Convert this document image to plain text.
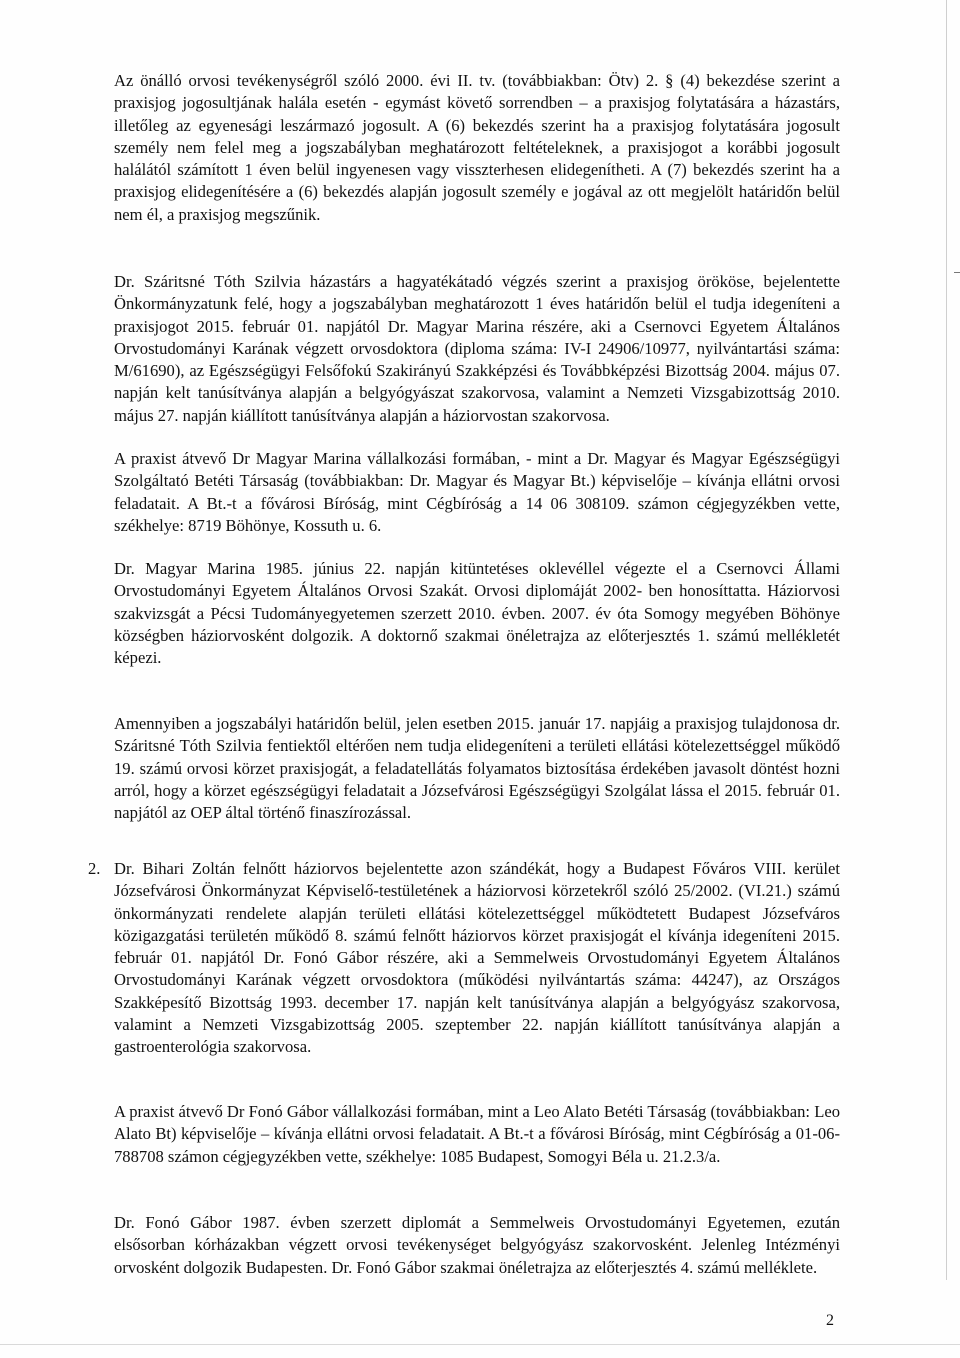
Az önálló orvosi tevékenységről szóló 2000. évi II. tv. (továbbiakban: Ötv) 2. § (4) bekezdése szerint a praxisjog jogosultjának halála esetén - egymást követő sorrendben – a praxisjog folytatására a házastárs, illetőleg az egyenesági leszármazó jogosult. A (6) bekezdés szerint ha a praxisjog folytatására jogosult személy nem felel meg a jogszabályban meghatározott feltételeknek, a praxisjogot a korábbi jogosult halálától számított 1 éven belül ingyenesen vagy visszterhesen elidegenítheti. A (7) bekezdés szerint ha a praxisjog elidegenítésére a (6) bekezdés alapján jogosult személy e jogával az ott megjelölt határidőn belül nem él, a praxisjog megszűnik.

Dr. Száritsné Tóth Szilvia házastárs a hagyatékátadó végzés szerint a praxisjog örököse, bejelentette Önkormányzatunk felé, hogy a jogszabályban meghatározott 1 éves határidőn belül el tudja idegeníteni a praxisjogot 2015. február 01. napjától Dr. Magyar Marina részére, aki a Csernovci Egyetem Általános Orvostudományi Karának végzett orvosdoktora (diploma száma: IV-I 24906/10977, nyilvántartási száma: M/61690), az Egészségügyi Felsőfokú Szakirányú Szakképzési és Továbbképzési Bizottság 2004. május 07. napján kelt tanúsítványa alapján a belgyógyászat szakorvosa, valamint a Nemzeti Vizsgabizottság 2010. május 27. napján kiállított tanúsítványa alapján a háziorvostan szakorvosa.

A praxist átvevő Dr Magyar Marina vállalkozási formában, - mint a Dr. Magyar és Magyar Egészségügyi Szolgáltató Betéti Társaság (továbbiakban: Dr. Magyar és Magyar Bt.) képviselője – kívánja ellátni orvosi feladatait. A Bt.-t a fővárosi Bíróság, mint Cégbíróság a 14 06 308109. számon cégjegyzékben vette, székhelye: 8719 Böhönye, Kossuth u. 6.

Dr. Magyar Marina 1985. június 22. napján kitüntetéses oklevéllel végezte el a Csernovci Állami Orvostudományi Egyetem Általános Orvosi Szakát. Orvosi diplomáját 2002- ben honosíttatta. Háziorvosi szakvizsgát a Pécsi Tudományegyetemen szerzett 2010. évben. 2007. év óta Somogy megyében Böhönye községben háziorvosként dolgozik. A doktornő szakmai önéletrajza az előterjesztés 1. számú mellékletét képezi.

Amennyiben a jogszabályi határidőn belül, jelen esetben 2015. január 17. napjáig a praxisjog tulajdonosa dr. Száritsné Tóth Szilvia fentiektől eltérően nem tudja elidegeníteni a területi ellátási kötelezettséggel működő 19. számú orvosi körzet praxisjogát, a feladatellátás folyamatos biztosítása érdekében javasolt döntést hozni arról, hogy a körzet egészségügyi feladatait a Józsefvárosi Egészségügyi Szolgálat lássa el 2015. február 01. napjától az OEP által történő finaszírozással.

2. Dr. Bihari Zoltán felnőtt háziorvos bejelentette azon szándékát, hogy a Budapest Főváros VIII. kerület Józsefvárosi Önkormányzat Képviselő-testületének a háziorvosi körzetekről szóló 25/2002. (VI.21.) számú önkormányzati rendelete alapján területi ellátási kötelezettséggel működtetett Budapest Józsefváros közigazgatási területén működő 8. számú felnőtt háziorvos körzet praxisjogát el kívánja idegeníteni 2015. február 01. napjától Dr. Fonó Gábor részére, aki a Semmelweis Orvostudományi Egyetem Általános Orvostudományi Karának végzett orvosdoktora (működési nyilvántartás száma: 44247), az Országos Szakképesítő Bizottság 1993. december 17. napján kelt tanúsítványa alapján a belgyógyász szakorvosa, valamint a Nemzeti Vizsgabizottság 2005. szeptember 22. napján kiállított tanúsítványa alapján a gastroenterológia szakorvosa.

A praxist átvevő Dr Fonó Gábor vállalkozási formában, mint a Leo Alato Betéti Társaság (továbbiakban: Leo Alato Bt) képviselője – kívánja ellátni orvosi feladatait. A Bt.-t a fővárosi Bíróság, mint Cégbíróság a 01-06-788708 számon cégjegyzékben vette, székhelye: 1085 Budapest, Somogyi Béla u. 21.2.3/a.

Dr. Fonó Gábor 1987. évben szerzett diplomát a Semmelweis Orvostudományi Egyetemen, ezután elsősorban kórházakban végzett orvosi tevékenységet belgyógyász szakorvosként. Jelenleg Intézményi orvosként dolgozik Budapesten. Dr. Fonó Gábor szakmai önéletrajza az előterjesztés 4. számú melléklete.

2
